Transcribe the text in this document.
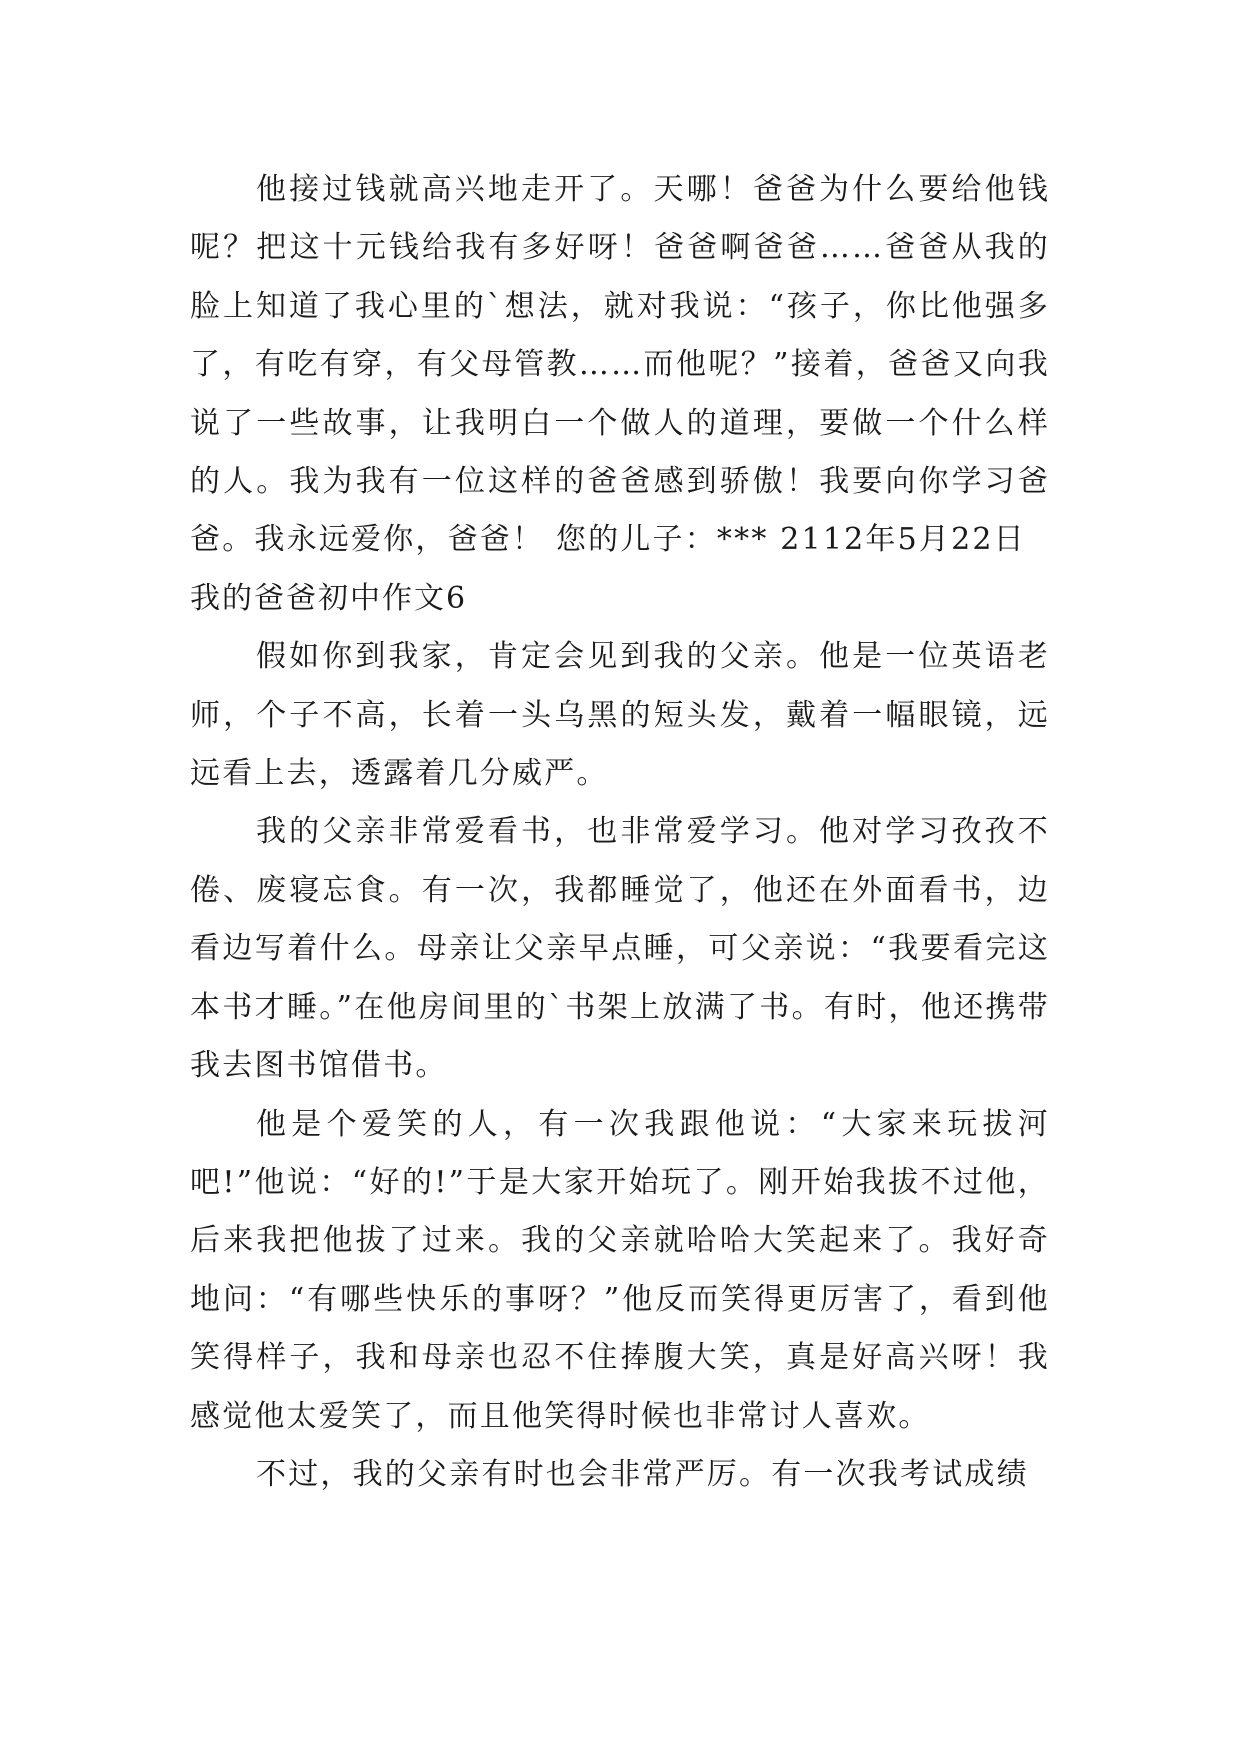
他接过钱就高兴地走开了。天哪！爸爸为什么要给他钱呢？把这十元钱给我有多好呀！爸爸啊爸爸……爸爸从我的脸上知道了我心里的`想法，就对我说：“孩子，你比他强多了，有吃有穿，有父母管教……而他呢？”接着，爸爸又向我说了一些故事，让我明白一个做人的道理，要做一个什么样的人。我为我有一位这样的爸爸感到骄傲！我要向你学习爸爸。我永远爱你，爸爸！ 您的儿子：*** 2112年5月22日

我的爸爸初中作文6

假如你到我家，肯定会见到我的父亲。他是一位英语老师，个子不高，长着一头乌黑的短头发，戴着一幅眼镜，远远看上去，透露着几分威严。

我的父亲非常爱看书，也非常爱学习。他对学习孜孜不倦、废寝忘食。有一次，我都睡觉了，他还在外面看书，边看边写着什么。母亲让父亲早点睡，可父亲说：“我要看完这本书才睡。”在他房间里的`书架上放满了书。有时，他还携带我去图书馆借书。

他是个爱笑的人，有一次我跟他说：“大家来玩拔河吧!”他说：“好的!”于是大家开始玩了。刚开始我拔不过他，后来我把他拔了过来。我的父亲就哈哈大笑起来了。我好奇地问：“有哪些快乐的事呀？”他反而笑得更厉害了，看到他笑得样子，我和母亲也忍不住捧腹大笑，真是好高兴呀！我感觉他太爱笑了，而且他笑得时候也非常讨人喜欢。

不过，我的父亲有时也会非常严厉。有一次我考试成绩
